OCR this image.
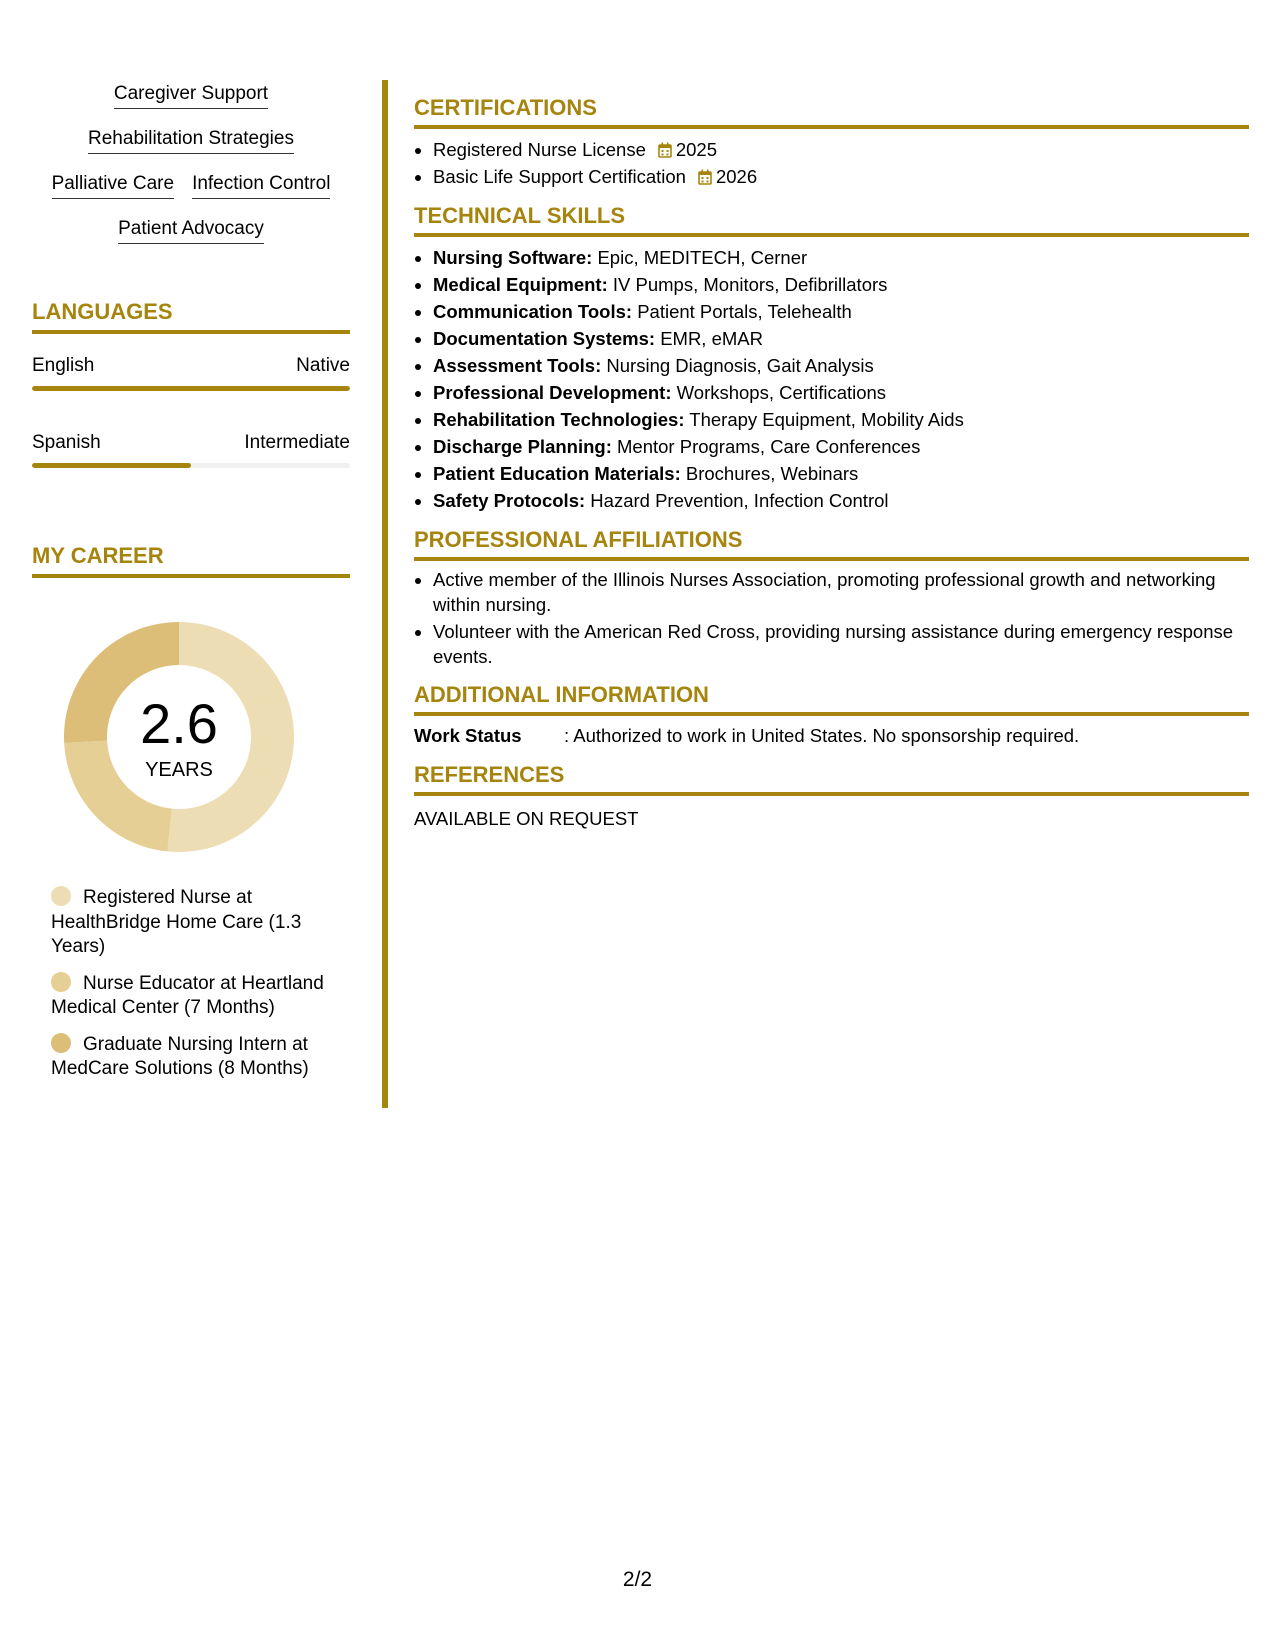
Caregiver Support
Rehabilitation Strategies
Palliative Care Infection Control
Patient Advocacy
LANGUAGES
English	Native
Spanish	Intermediate
MY CAREER
2.6
YEARS
Registered Nurse at HealthBridge Home Care (1.3 Years)
Nurse Educator at Heartland Medical Center (7 Months)
Graduate Nursing Intern at MedCare Solutions (8 Months)
CERTIFICATIONS
• Registered Nurse License 2025
• Basic Life Support Certification 2026
TECHNICAL SKILLS
• Nursing Software: Epic, MEDITECH, Cerner
• Medical Equipment: IV Pumps, Monitors, Defibrillators
• Communication Tools: Patient Portals, Telehealth
• Documentation Systems: EMR, eMAR
• Assessment Tools: Nursing Diagnosis, Gait Analysis
• Professional Development: Workshops, Certifications
• Rehabilitation Technologies: Therapy Equipment, Mobility Aids
• Discharge Planning: Mentor Programs, Care Conferences
• Patient Education Materials: Brochures, Webinars
• Safety Protocols: Hazard Prevention, Infection Control
PROFESSIONAL AFFILIATIONS
• Active member of the Illinois Nurses Association, promoting professional growth and networking within nursing.
• Volunteer with the American Red Cross, providing nursing assistance during emergency response events.
ADDITIONAL INFORMATION
Work Status	: Authorized to work in United States. No sponsorship required.
REFERENCES
AVAILABLE ON REQUEST
2/2
